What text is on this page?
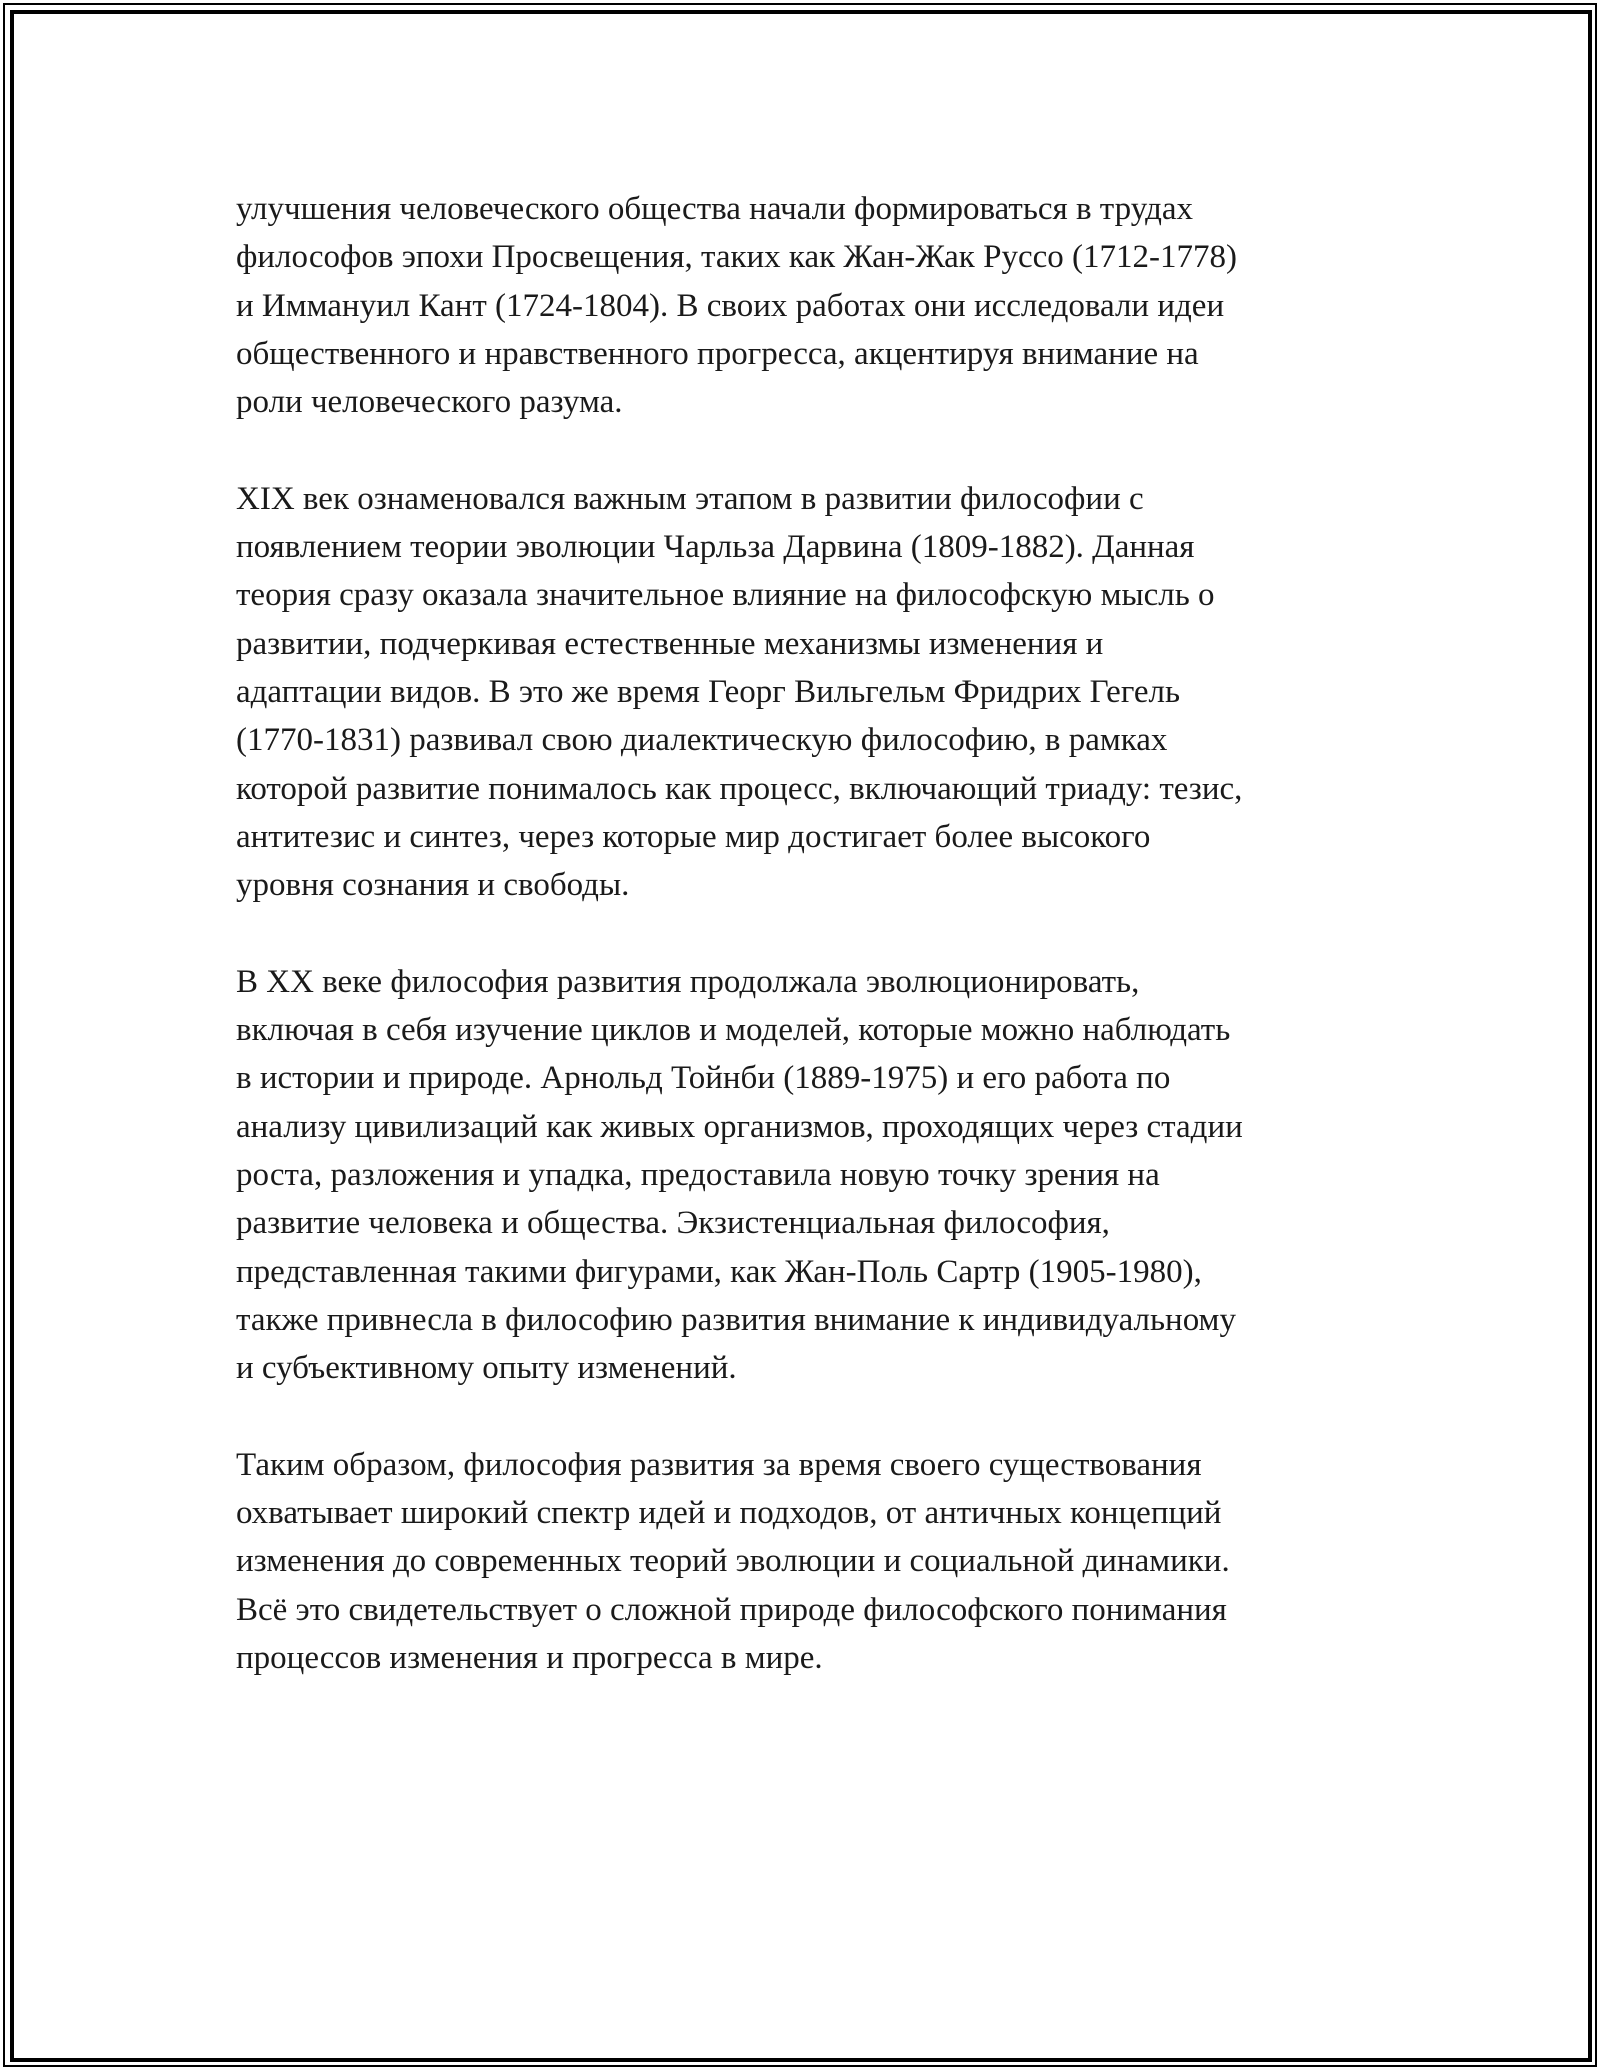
улучшения человеческого общества начали формироваться в трудах
философов эпохи Просвещения, таких как Жан-Жак Руссо (1712-1778)
и Иммануил Кант (1724-1804). В своих работах они исследовали идеи
общественного и нравственного прогресса, акцентируя внимание на
роли человеческого разума.
XIX век ознаменовался важным этапом в развитии философии с
появлением теории эволюции Чарльза Дарвина (1809-1882). Данная
теория сразу оказала значительное влияние на философскую мысль о
развитии, подчеркивая естественные механизмы изменения и
адаптации видов. В это же время Георг Вильгельм Фридрих Гегель
(1770-1831) развивал свою диалектическую философию, в рамках
которой развитие понималось как процесс, включающий триаду: тезис,
антитезис и синтез, через которые мир достигает более высокого
уровня сознания и свободы.
В XX веке философия развития продолжала эволюционировать,
включая в себя изучение циклов и моделей, которые можно наблюдать
в истории и природе. Арнольд Тойнби (1889-1975) и его работа по
анализу цивилизаций как живых организмов, проходящих через стадии
роста, разложения и упадка, предоставила новую точку зрения на
развитие человека и общества. Экзистенциальная философия,
представленная такими фигурами, как Жан-Поль Сартр (1905-1980),
также привнесла в философию развития внимание к индивидуальному
и субъективному опыту изменений.
Таким образом, философия развития за время своего существования
охватывает широкий спектр идей и подходов, от античных концепций
изменения до современных теорий эволюции и социальной динамики.
Всё это свидетельствует о сложной природе философского понимания
процессов изменения и прогресса в мире.
